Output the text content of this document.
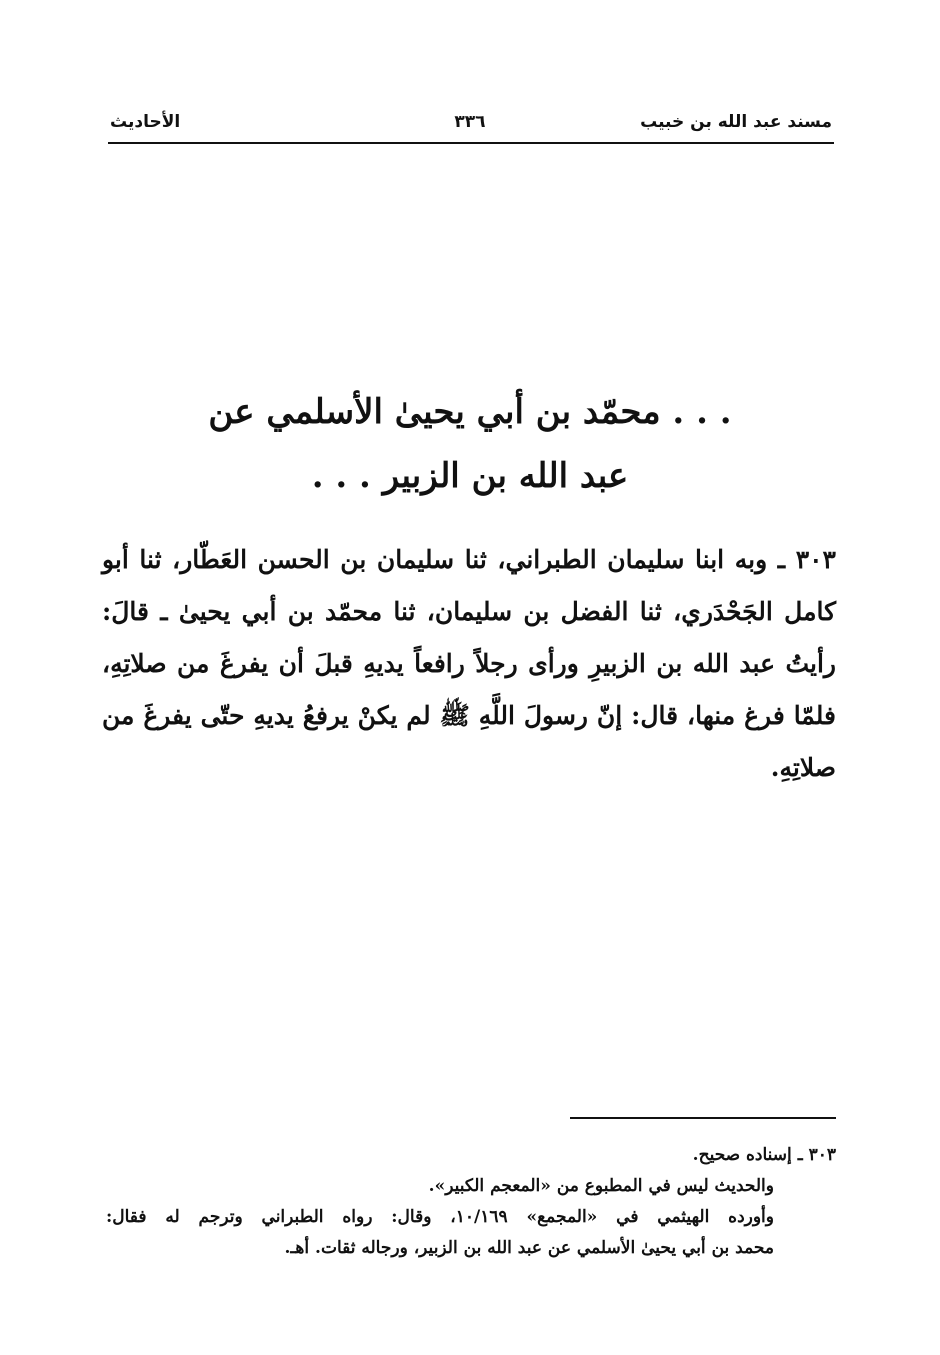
مسند عبد الله بن خبيب
٣٣٦
الأحاديث
. . . محمّد بن أبي يحيىٰ الأسلمي عن
عبد الله بن الزبير . . .
٣٠٣ ـ وبه ابنا سليمان الطبراني، ثنا سليمان بن الحسن العَطّار، ثنا أبو كامل الجَحْدَري، ثنا الفضل بن سليمان، ثنا محمّد بن أبي يحيىٰ ـ قالَ: رأيتُ عبد الله بن الزبيرِ ورأى رجلاً رافعاً يديهِ قبلَ أن يفرغَ من صلاتِهِ، فلمّا فرغ منها، قال: إنّ رسولَ اللَّهِ ﷺ لم يكنْ يرفعُ يديهِ حتّى يفرغَ من صلاتِهِ.
٣٠٣ ـ إسناده صحيح.
والحديث ليس في المطبوع من «المعجم الكبير».
وأورده الهيثمي في «المجمع» ١٠/١٦٩، وقال: رواه الطبراني وترجم له فقال:
محمد بن أبي يحيىٰ الأسلمي عن عبد الله بن الزبير، ورجاله ثقات. أهـ.
